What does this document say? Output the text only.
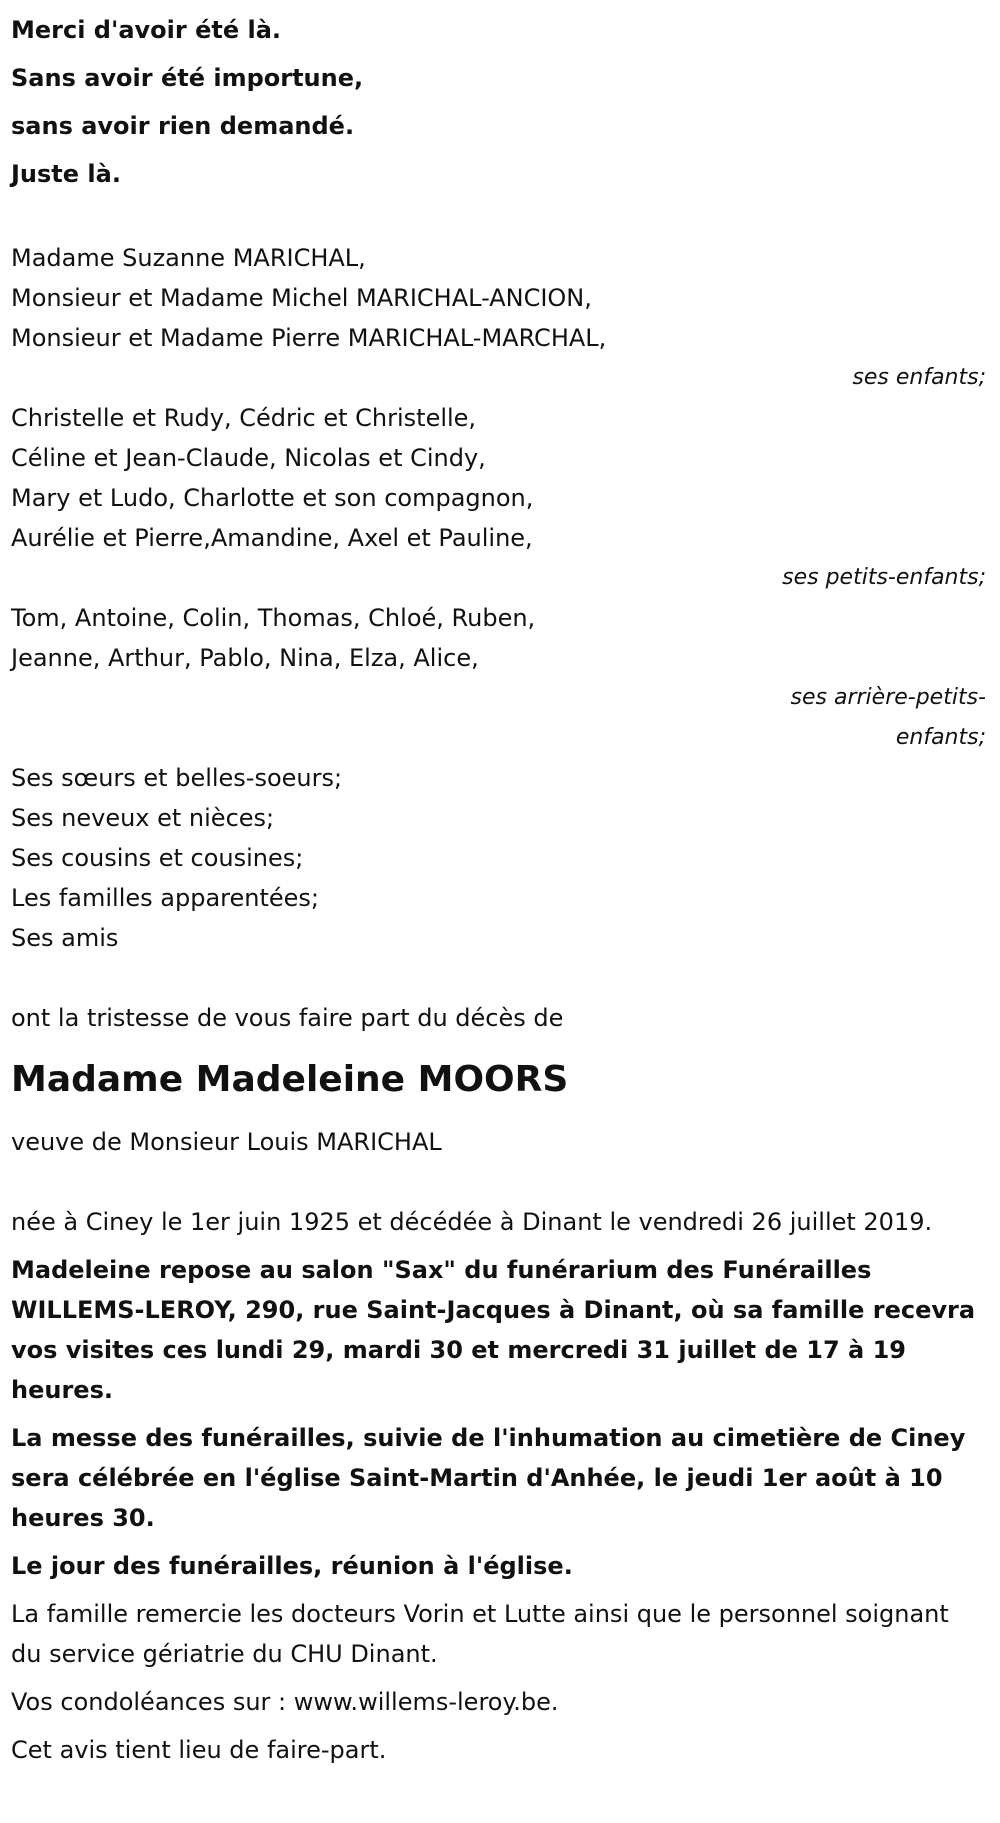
Merci d'avoir été là.
Sans avoir été importune,
sans avoir rien demandé.
Juste là.
Madame Suzanne MARICHAL,
Monsieur et Madame Michel MARICHAL-ANCION,
Monsieur et Madame Pierre MARICHAL-MARCHAL,
ses enfants;
Christelle et Rudy, Cédric et Christelle,
Céline et Jean-Claude, Nicolas et Cindy,
Mary et Ludo, Charlotte et son compagnon,
Aurélie et Pierre,Amandine, Axel et Pauline,
ses petits-enfants;
Tom, Antoine, Colin, Thomas, Chloé, Ruben,
Jeanne, Arthur, Pablo, Nina, Elza, Alice,
ses arrière-petits-
enfants;
Ses sœurs et belles-soeurs;
Ses neveux et nièces;
Ses cousins et cousines;
Les familles apparentées;
Ses amis
ont la tristesse de vous faire part du décès de
Madame Madeleine MOORS
veuve de Monsieur Louis MARICHAL
née à Ciney le 1er juin 1925 et décédée à Dinant le vendredi 26 juillet 2019.
Madeleine repose au salon "Sax" du funérarium des Funérailles WILLEMS-LEROY, 290, rue Saint-Jacques à Dinant, où sa famille recevra vos visites ces lundi 29, mardi 30 et mercredi 31 juillet de 17 à 19 heures.
La messe des funérailles, suivie de l'inhumation au cimetière de Ciney sera célébrée en l'église Saint-Martin d'Anhée, le jeudi 1er août à 10 heures 30.
Le jour des funérailles, réunion à l'église.
La famille remercie les docteurs Vorin et Lutte ainsi que le personnel soignant du service gériatrie du CHU Dinant.
Vos condoléances sur : www.willems-leroy.be.
Cet avis tient lieu de faire-part.
